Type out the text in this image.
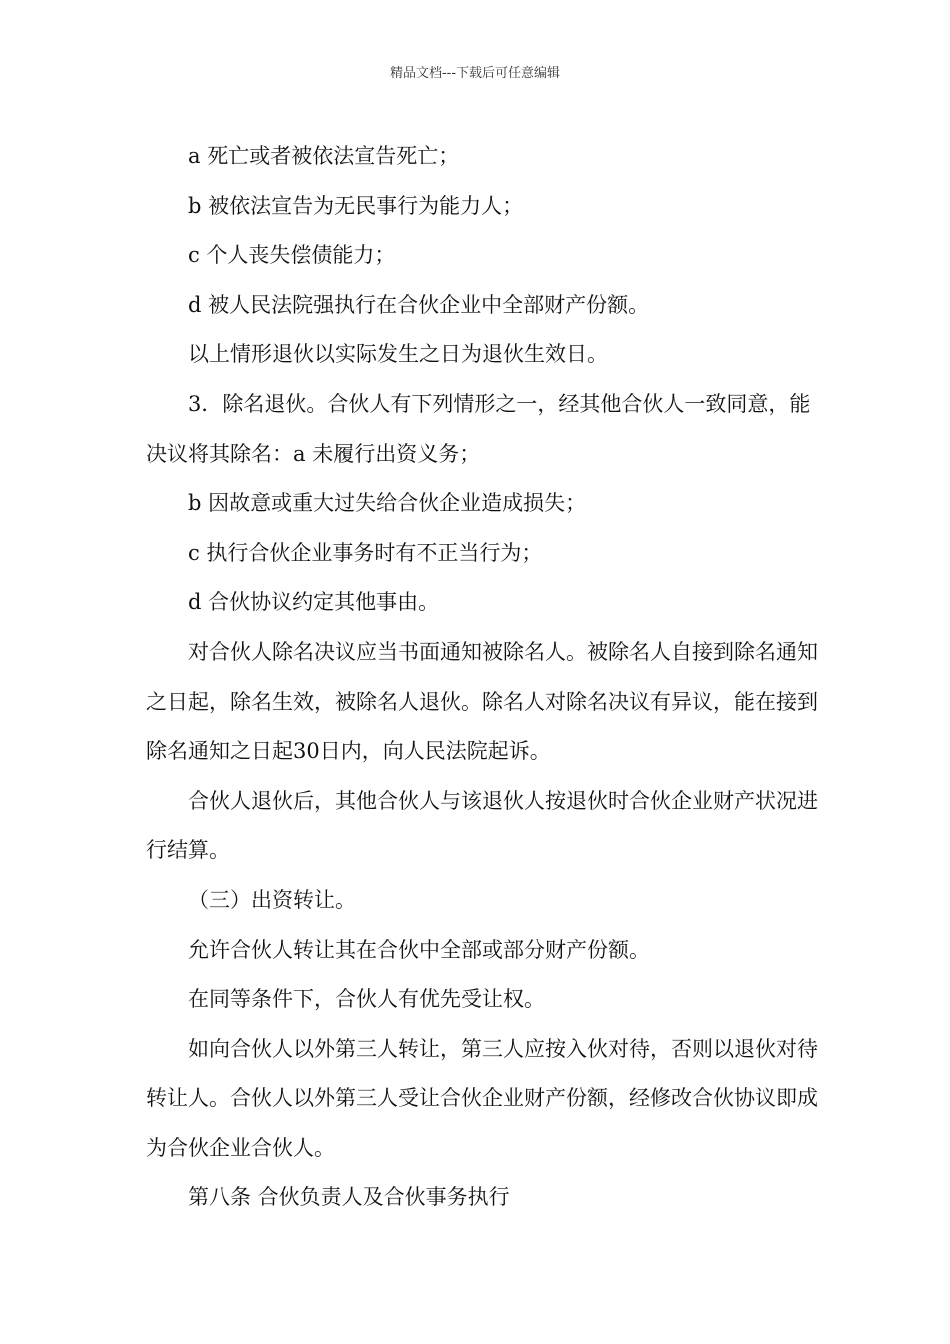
精品文档---下载后可任意编辑

a 死亡或者被依法宣告死亡；

b 被依法宣告为无民事行为能力人；

c 个人丧失偿债能力；

d 被人民法院强执行在合伙企业中全部财产份额。

以上情形退伙以实际发生之日为退伙生效日。

3．除名退伙。合伙人有下列情形之一，经其他合伙人一致同意，能决议将其除名：a 未履行出资义务；

b 因故意或重大过失给合伙企业造成损失；

c 执行合伙企业事务时有不正当行为；

d 合伙协议约定其他事由。

对合伙人除名决议应当书面通知被除名人。被除名人自接到除名通知之日起，除名生效，被除名人退伙。除名人对除名决议有异议，能在接到除名通知之日起30日内，向人民法院起诉。

合伙人退伙后，其他合伙人与该退伙人按退伙时合伙企业财产状况进行结算。

（三）出资转让。

允许合伙人转让其在合伙中全部或部分财产份额。

在同等条件下，合伙人有优先受让权。

如向合伙人以外第三人转让，第三人应按入伙对待，否则以退伙对待转让人。合伙人以外第三人受让合伙企业财产份额，经修改合伙协议即成为合伙企业合伙人。

第八条 合伙负责人及合伙事务执行
